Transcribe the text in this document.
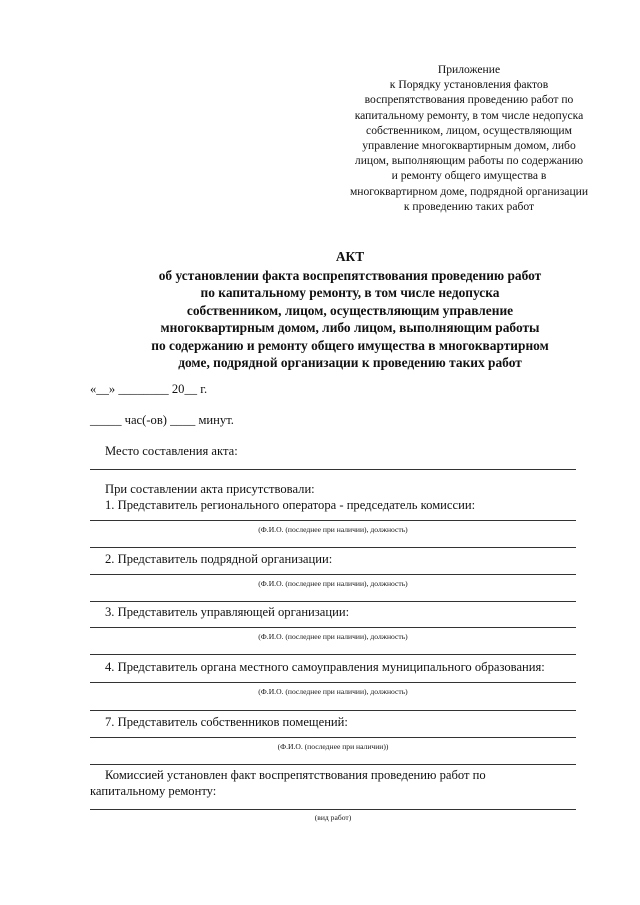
Приложение
к Порядку установления фактов
воспрепятствования проведению работ по
капитальному ремонту, в том числе недопуска
собственником, лицом, осуществляющим
управление многоквартирным домом, либо
лицом, выполняющим работы по содержанию
и ремонту общего имущества в
многоквартирном доме, подрядной организации
к проведению таких работ
АКТ
об установлении факта воспрепятствования проведению работ
по капитальному ремонту, в том числе недопуска
собственником, лицом, осуществляющим управление
многоквартирным домом, либо лицом, выполняющим работы
по содержанию и ремонту общего имущества в многоквартирном
доме, подрядной организации к проведению таких работ
«__» ________ 20__ г.
_____ час(-ов) ____ минут.
Место составления акта:
При составлении акта присутствовали:
1. Представитель регионального оператора - председатель комиссии:
(Ф.И.О. (последнее при наличии), должность)
2. Представитель подрядной организации:
(Ф.И.О. (последнее при наличии), должность)
3. Представитель управляющей организации:
(Ф.И.О. (последнее при наличии), должность)
4. Представитель органа местного самоуправления муниципального образования:
(Ф.И.О. (последнее при наличии), должность)
7. Представитель собственников помещений:
(Ф.И.О. (последнее при наличии))
Комиссией установлен факт воспрепятствования проведению работ по
капитальному ремонту:
(вид работ)
